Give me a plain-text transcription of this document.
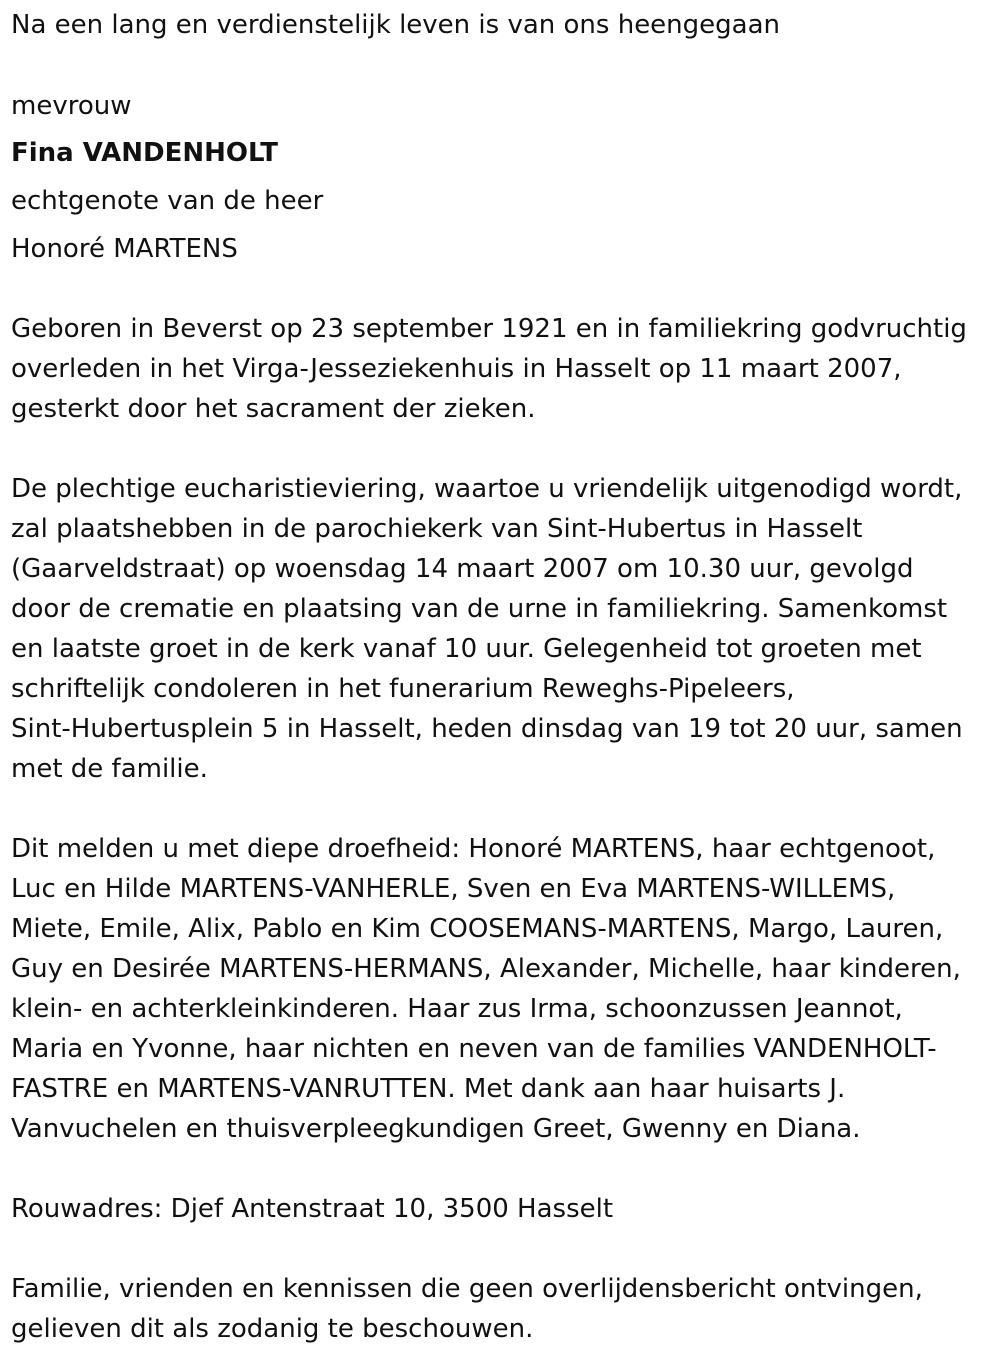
Na een lang en verdienstelijk leven is van ons heengegaan
mevrouw
Fina VANDENHOLT
echtgenote van de heer
Honoré MARTENS
Geboren in Beverst op 23 september 1921 en in familiekring godvruchtig
overleden in het Virga-Jesseziekenhuis in Hasselt op 11 maart 2007,
gesterkt door het sacrament der zieken.
De plechtige eucharistieviering, waartoe u vriendelijk uitgenodigd wordt,
zal plaatshebben in de parochiekerk van Sint-Hubertus in Hasselt
(Gaarveldstraat) op woensdag 14 maart 2007 om 10.30 uur, gevolgd
door de crematie en plaatsing van de urne in familiekring. Samenkomst
en laatste groet in de kerk vanaf 10 uur. Gelegenheid tot groeten met
schriftelijk condoleren in het funerarium Reweghs-Pipeleers,
Sint-Hubertusplein 5 in Hasselt, heden dinsdag van 19 tot 20 uur, samen
met de familie.
Dit melden u met diepe droefheid: Honoré MARTENS, haar echtgenoot,
Luc en Hilde MARTENS-VANHERLE, Sven en Eva MARTENS-WILLEMS,
Miete, Emile, Alix, Pablo en Kim COOSEMANS-MARTENS, Margo, Lauren,
Guy en Desirée MARTENS-HERMANS, Alexander, Michelle, haar kinderen,
klein- en achterkleinkinderen. Haar zus Irma, schoonzussen Jeannot,
Maria en Yvonne, haar nichten en neven van de families VANDENHOLT-
FASTRE en MARTENS-VANRUTTEN. Met dank aan haar huisarts J.
Vanvuchelen en thuisverpleegkundigen Greet, Gwenny en Diana.
Rouwadres: Djef Antenstraat 10, 3500 Hasselt
Familie, vrienden en kennissen die geen overlijdensbericht ontvingen,
gelieven dit als zodanig te beschouwen.
